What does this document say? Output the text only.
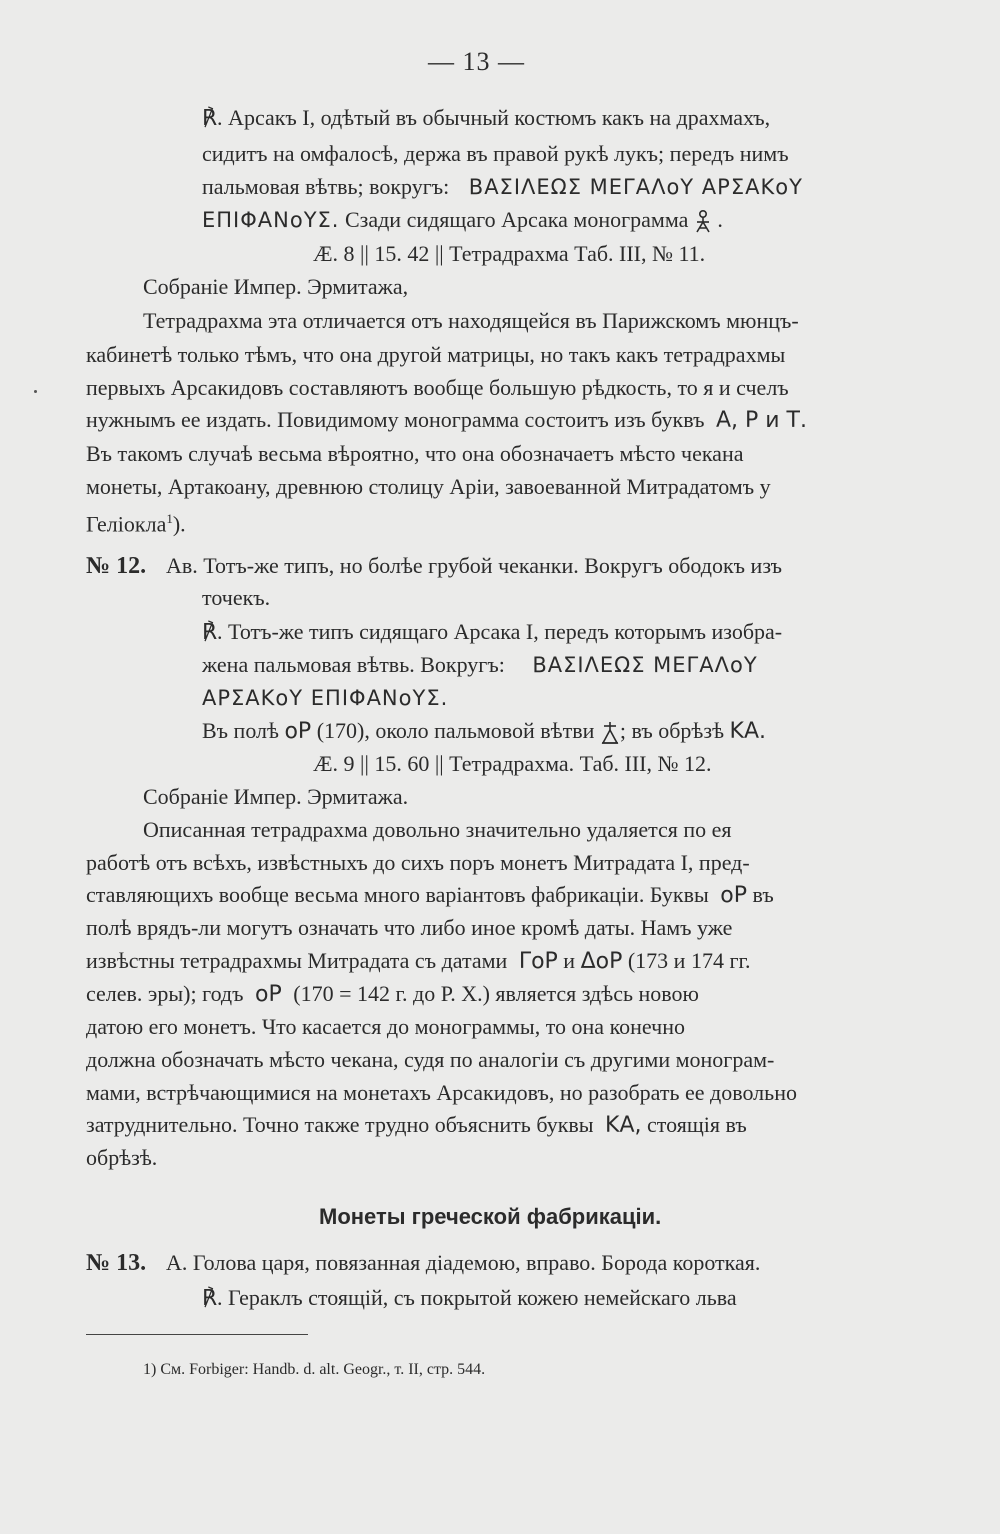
— 13 —
℟. Арсакъ I, одѣтый въ обычный костюмъ какъ на драхмахъ,
сидитъ на омфалосѣ, держа въ правой рукѣ лукъ; передъ нимъ
пальмовая вѣтвь; вокругъ: ΒΑΣΙΛΕΩΣ ΜΕΓΑΛοΥ ΑΡΣΑΚοΥ
ΕΠΙΦΑΝοΥΣ. Сзади сидящаго Арсака монограмма .
Æ. 8 || 15. 42 || Тетрадрахма Таб. III, № 11.
Собраніе Импер. Эрмитажа,
Тетрадрахма эта отличается отъ находящейся въ Парижскомъ мюнцъ-
кабинетѣ только тѣмъ, что она другой матрицы, но такъ какъ тетрадрахмы
первыхъ Арсакидовъ составляютъ вообще большую рѣдкость, то я и счелъ
нужнымъ ее издать. Повидимому монограмма состоитъ изъ буквъ Α, Ρ и Τ.
Въ такомъ случаѣ весьма вѣроятно, что она обозначаетъ мѣсто чекана
монеты, Артакоану, древнюю столицу Аріи, завоеванной Митрадатомъ у
Геліокла$^1$).
№ 12. Ав. Тотъ-же типъ, но болѣе грубой чеканки. Вокругъ ободокъ изъ
точекъ.
℟. Тотъ-же типъ сидящаго Арсака I, передъ которымъ изобра-
жена пальмовая вѣтвь. Вокругъ: ΒΑΣΙΛΕΩΣ ΜΕΓΑΛοΥ
ΑΡΣΑΚοΥ ΕΠΙΦΑΝοΥΣ.
Въ полѣ οΡ (170), около пальмовой вѣтви ; въ обрѣзѣ ΚΑ.
Æ. 9 || 15. 60 || Тетрадрахма. Таб. III, № 12.
Собраніе Импер. Эрмитажа.
Описанная тетрадрахма довольно значительно удаляется по ея
работѣ отъ всѣхъ, извѣстныхъ до сихъ поръ монетъ Митрадата I, пред-
ставляющихъ вообще весьма много варіантовъ фабрикаціи. Буквы οΡ въ
полѣ врядъ-ли могутъ означать что либо иное кромѣ даты. Намъ уже
извѣстны тетрадрахмы Митрадата съ датами ΓοΡ и ΔοΡ (173 и 174 гг.
селев. эры); годъ οΡ (170 = 142 г. до Р. Х.) является здѣсь новою
датою его монетъ. Что касается до монограммы, то она конечно
должна обозначать мѣсто чекана, судя по аналогіи съ другими монограм-
мами, встрѣчающимися на монетахъ Арсакидовъ, но разобрать ее довольно
затруднительно. Точно также трудно объяснить буквы ΚΑ, стоящія въ
обрѣзѣ.
Монеты греческой фабрикаціи.
№ 13. А. Голова царя, повязанная діадемою, вправо. Борода короткая.
℟. Гераклъ стоящій, съ покрытой кожею немейскаго льва
1) См. Forbiger: Handb. d. alt. Geogr., т. II, стр. 544.
